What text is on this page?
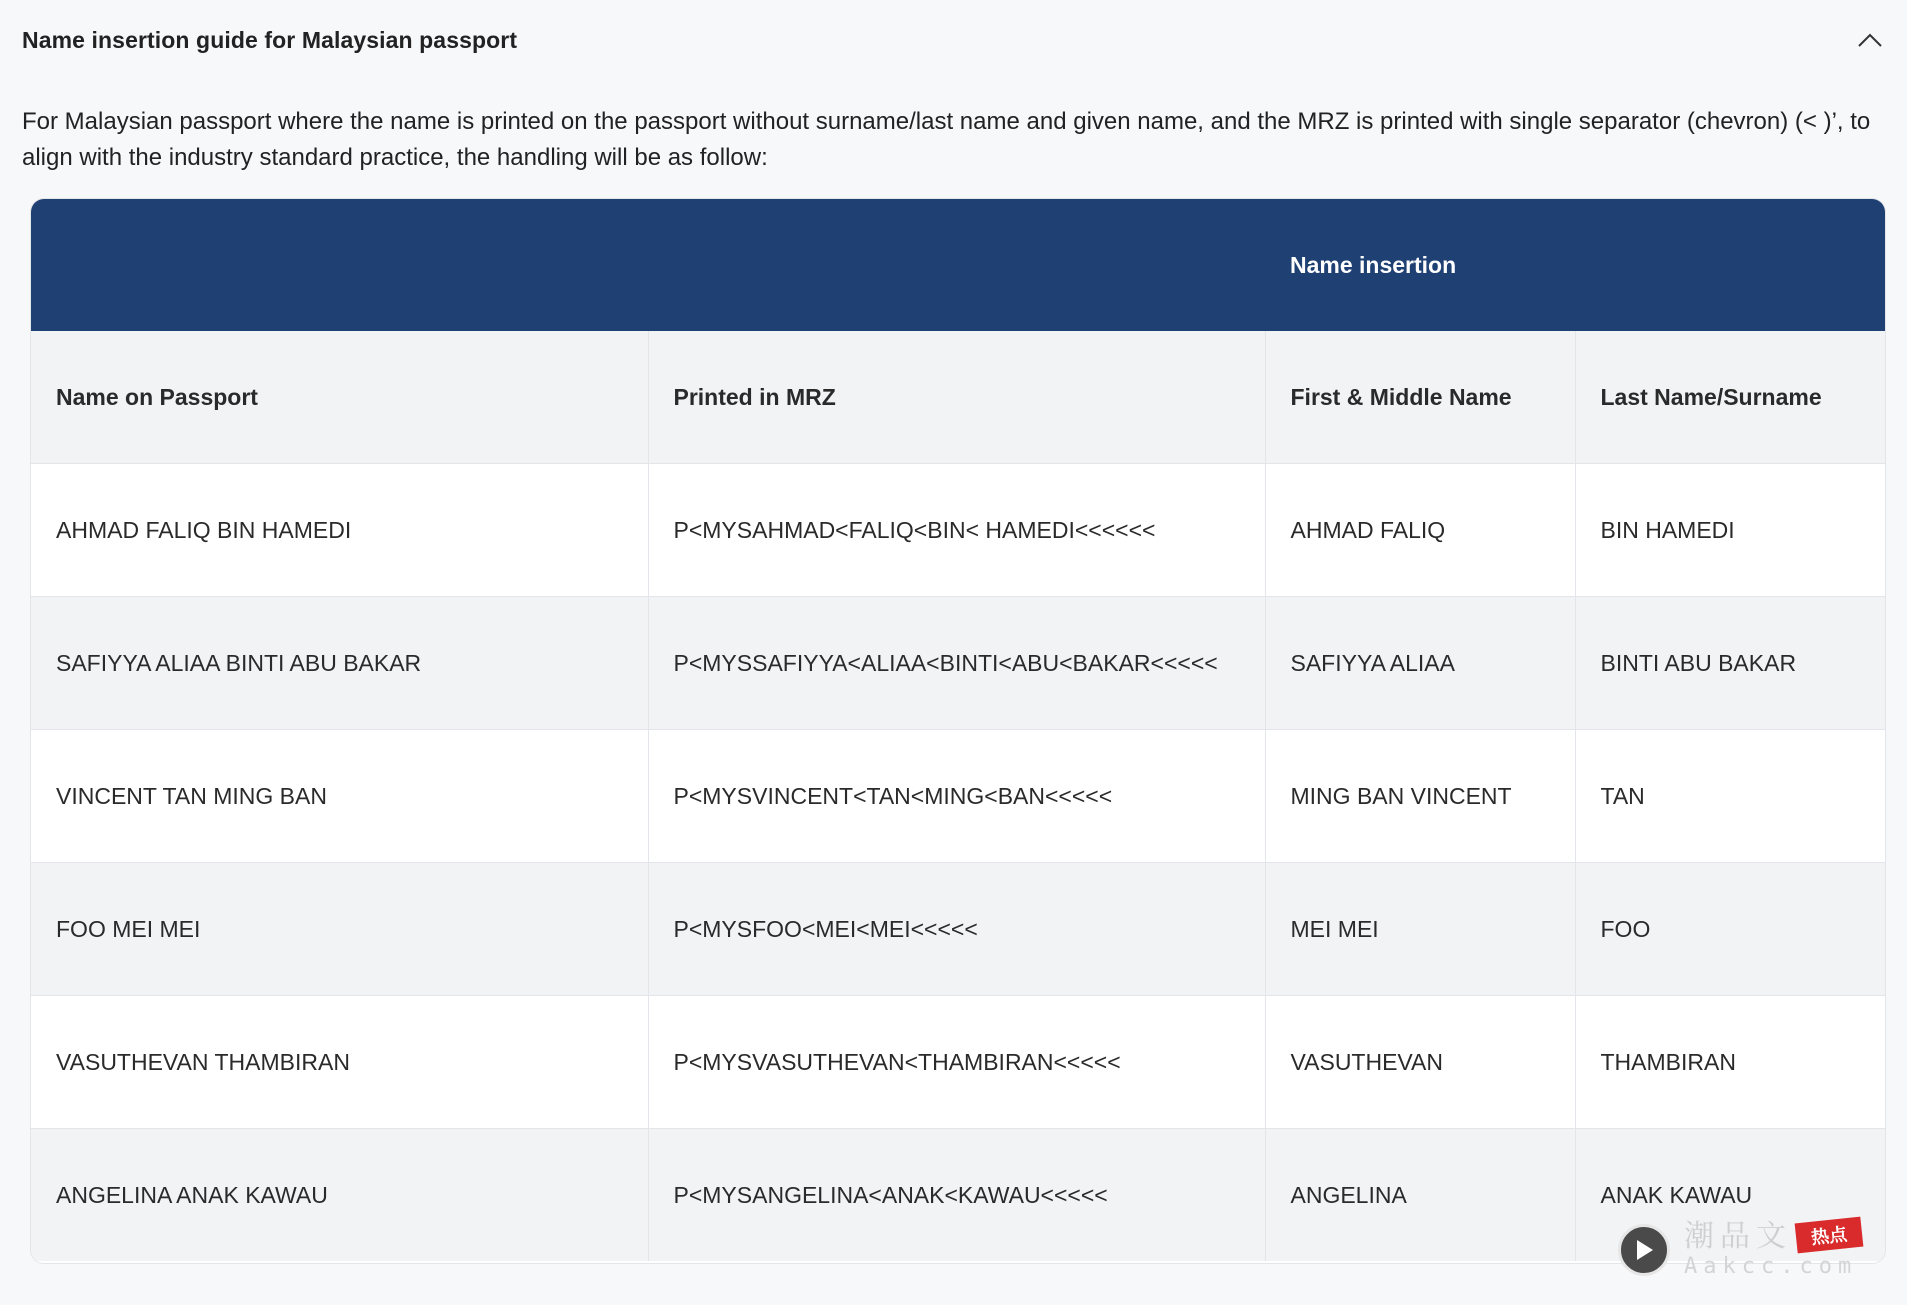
Name insertion guide for Malaysian passport

For Malaysian passport where the name is printed on the passport without surname/last name and given name, and the MRZ is printed with single separator (chevron) (< )’, to align with the industry standard practice, the handling will be as follow:

		Name insertion	
Name on Passport	Printed in MRZ	First & Middle Name	Last Name/Surname
AHMAD FALIQ BIN HAMEDI	P<MYSAHMAD<FALIQ<BIN< HAMEDI<<<<<<	AHMAD FALIQ	BIN HAMEDI
SAFIYYA ALIAA BINTI ABU BAKAR	P<MYSSAFIYYA<ALIAA<BINTI<ABU<BAKAR<<<<<	SAFIYYA ALIAA	BINTI ABU BAKAR
VINCENT TAN MING BAN	P<MYSVINCENT<TAN<MING<BAN<<<<<	MING BAN VINCENT	TAN
FOO MEI MEI	P<MYSFOO<MEI<MEI<<<<<	MEI MEI	FOO
VASUTHEVAN THAMBIRAN	P<MYSVASUTHEVAN<THAMBIRAN<<<<<	VASUTHEVAN	THAMBIRAN
ANGELINA ANAK KAWAU	P<MYSANGELINA<ANAK<KAWAU<<<<<	ANGELINA	ANAK KAWAU
潮品文
Aakcc.com
热点
